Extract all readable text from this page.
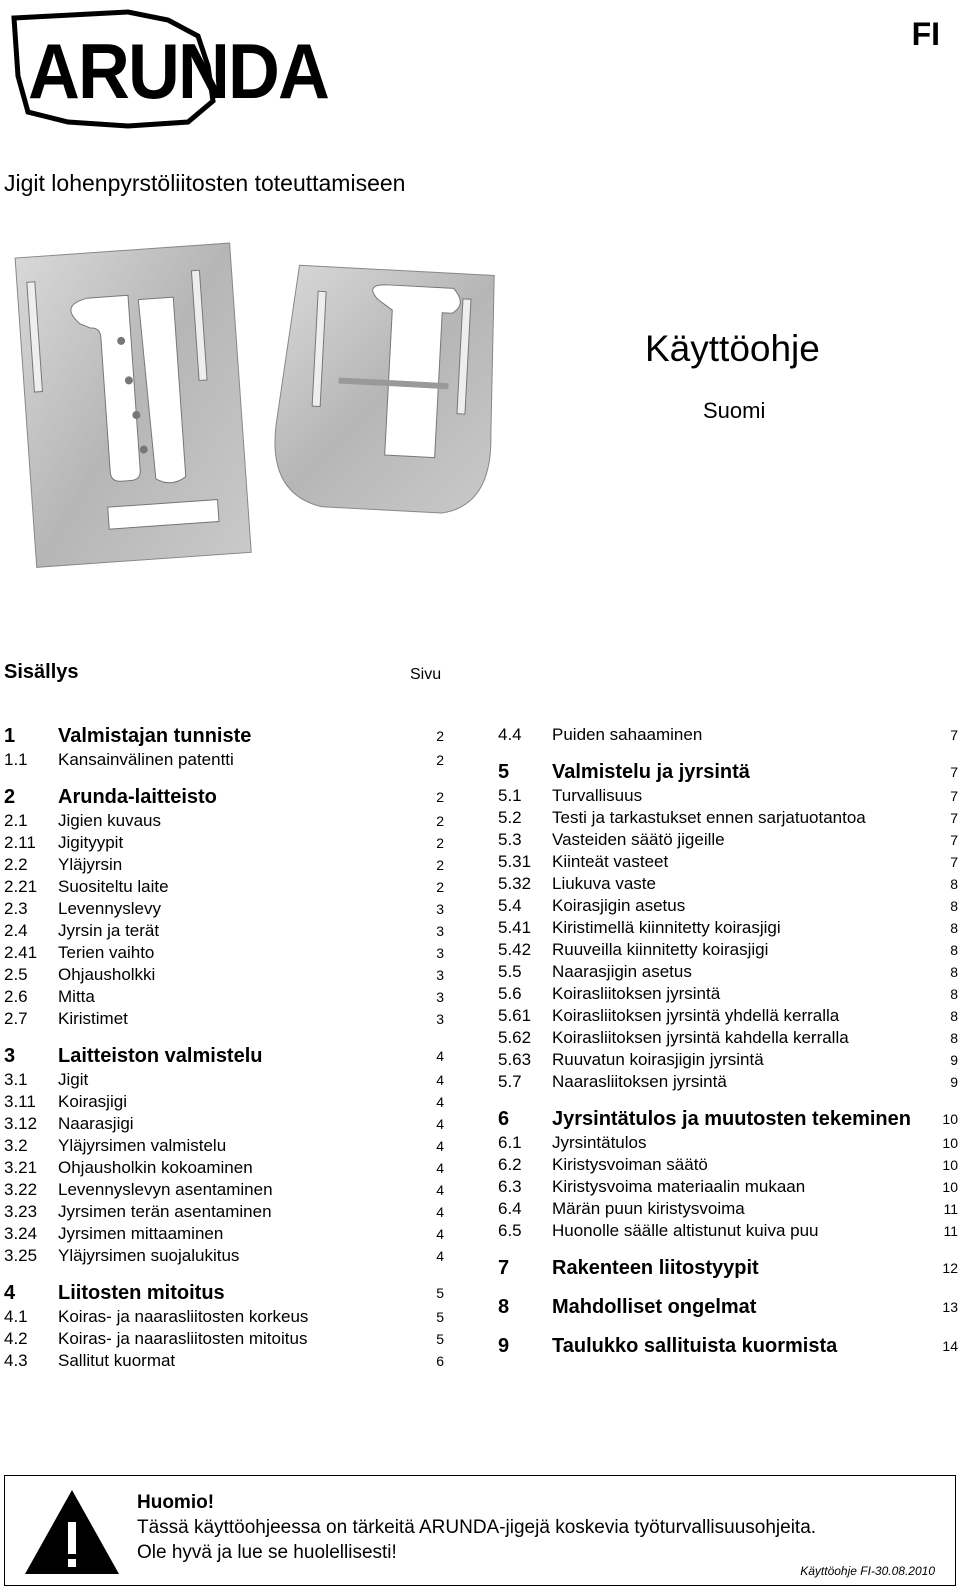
ARUNDA	FI
Jigit lohenpyrstöliitosten toteuttamiseen
Käyttöohje
Suomi
Sisällys	Sivu
1 Valmistajan tunniste	2
1.1 Kansainvälinen patentti	2
2 Arunda-laitteisto	2
2.1 Jigien kuvaus	2
2.11 Jigityypit	2
2.2 Yläjyrsin	2
2.21 Suositeltu laite	2
2.3 Levennyslevy	3
2.4 Jyrsin ja terät	3
2.41 Terien vaihto	3
2.5 Ohjausholkki	3
2.6 Mitta	3
2.7 Kiristimet	3
3 Laitteiston valmistelu	4
3.1 Jigit	4
3.11 Koirasjigi	4
3.12 Naarasjigi	4
3.2 Yläjyrsimen valmistelu	4
3.21 Ohjausholkin kokoaminen	4
3.22 Levennyslevyn asentaminen	4
3.23 Jyrsimen terän asentaminen	4
3.24 Jyrsimen mittaaminen	4
3.25 Yläjyrsimen suojalukitus	4
4 Liitosten mitoitus	5
4.1 Koiras- ja naarasliitosten korkeus	5
4.2 Koiras- ja naarasliitosten mitoitus	5
4.3 Sallitut kuormat	6
4.4 Puiden sahaaminen	7
5 Valmistelu ja jyrsintä	7
5.1 Turvallisuus	7
5.2 Testi ja tarkastukset ennen sarjatuotantoa	7
5.3 Vasteiden säätö jigeille	7
5.31 Kiinteät vasteet	7
5.32 Liukuva vaste	8
5.4 Koirasjigin asetus	8
5.41 Kiristimellä kiinnitetty koirasjigi	8
5.42 Ruuveilla kiinnitetty koirasjigi	8
5.5 Naarasjigin asetus	8
5.6 Koirasliitoksen jyrsintä	8
5.61 Koirasliitoksen jyrsintä yhdellä kerralla	8
5.62 Koirasliitoksen jyrsintä kahdella kerralla	8
5.63 Ruuvatun koirasjigin jyrsintä	9
5.7 Naarasliitoksen jyrsintä	9
6 Jyrsintätulos ja muutosten tekeminen 10
6.1 Jyrsintätulos	10
6.2 Kiristysvoiman säätö	10
6.3 Kiristysvoima materiaalin mukaan	10
6.4 Märän puun kiristysvoima	11
6.5 Huonolle säälle altistunut kuiva puu	11
7 Rakenteen liitostyypit	12
8 Mahdolliset ongelmat	13
9 Taulukko sallituista kuormista	14
Huomio!
Tässä käyttöohjeessa on tärkeitä ARUNDA-jigejä koskevia työturvallisuusohjeita.
Ole hyvä ja lue se huolellisesti!
Käyttöohje FI-30.08.2010
